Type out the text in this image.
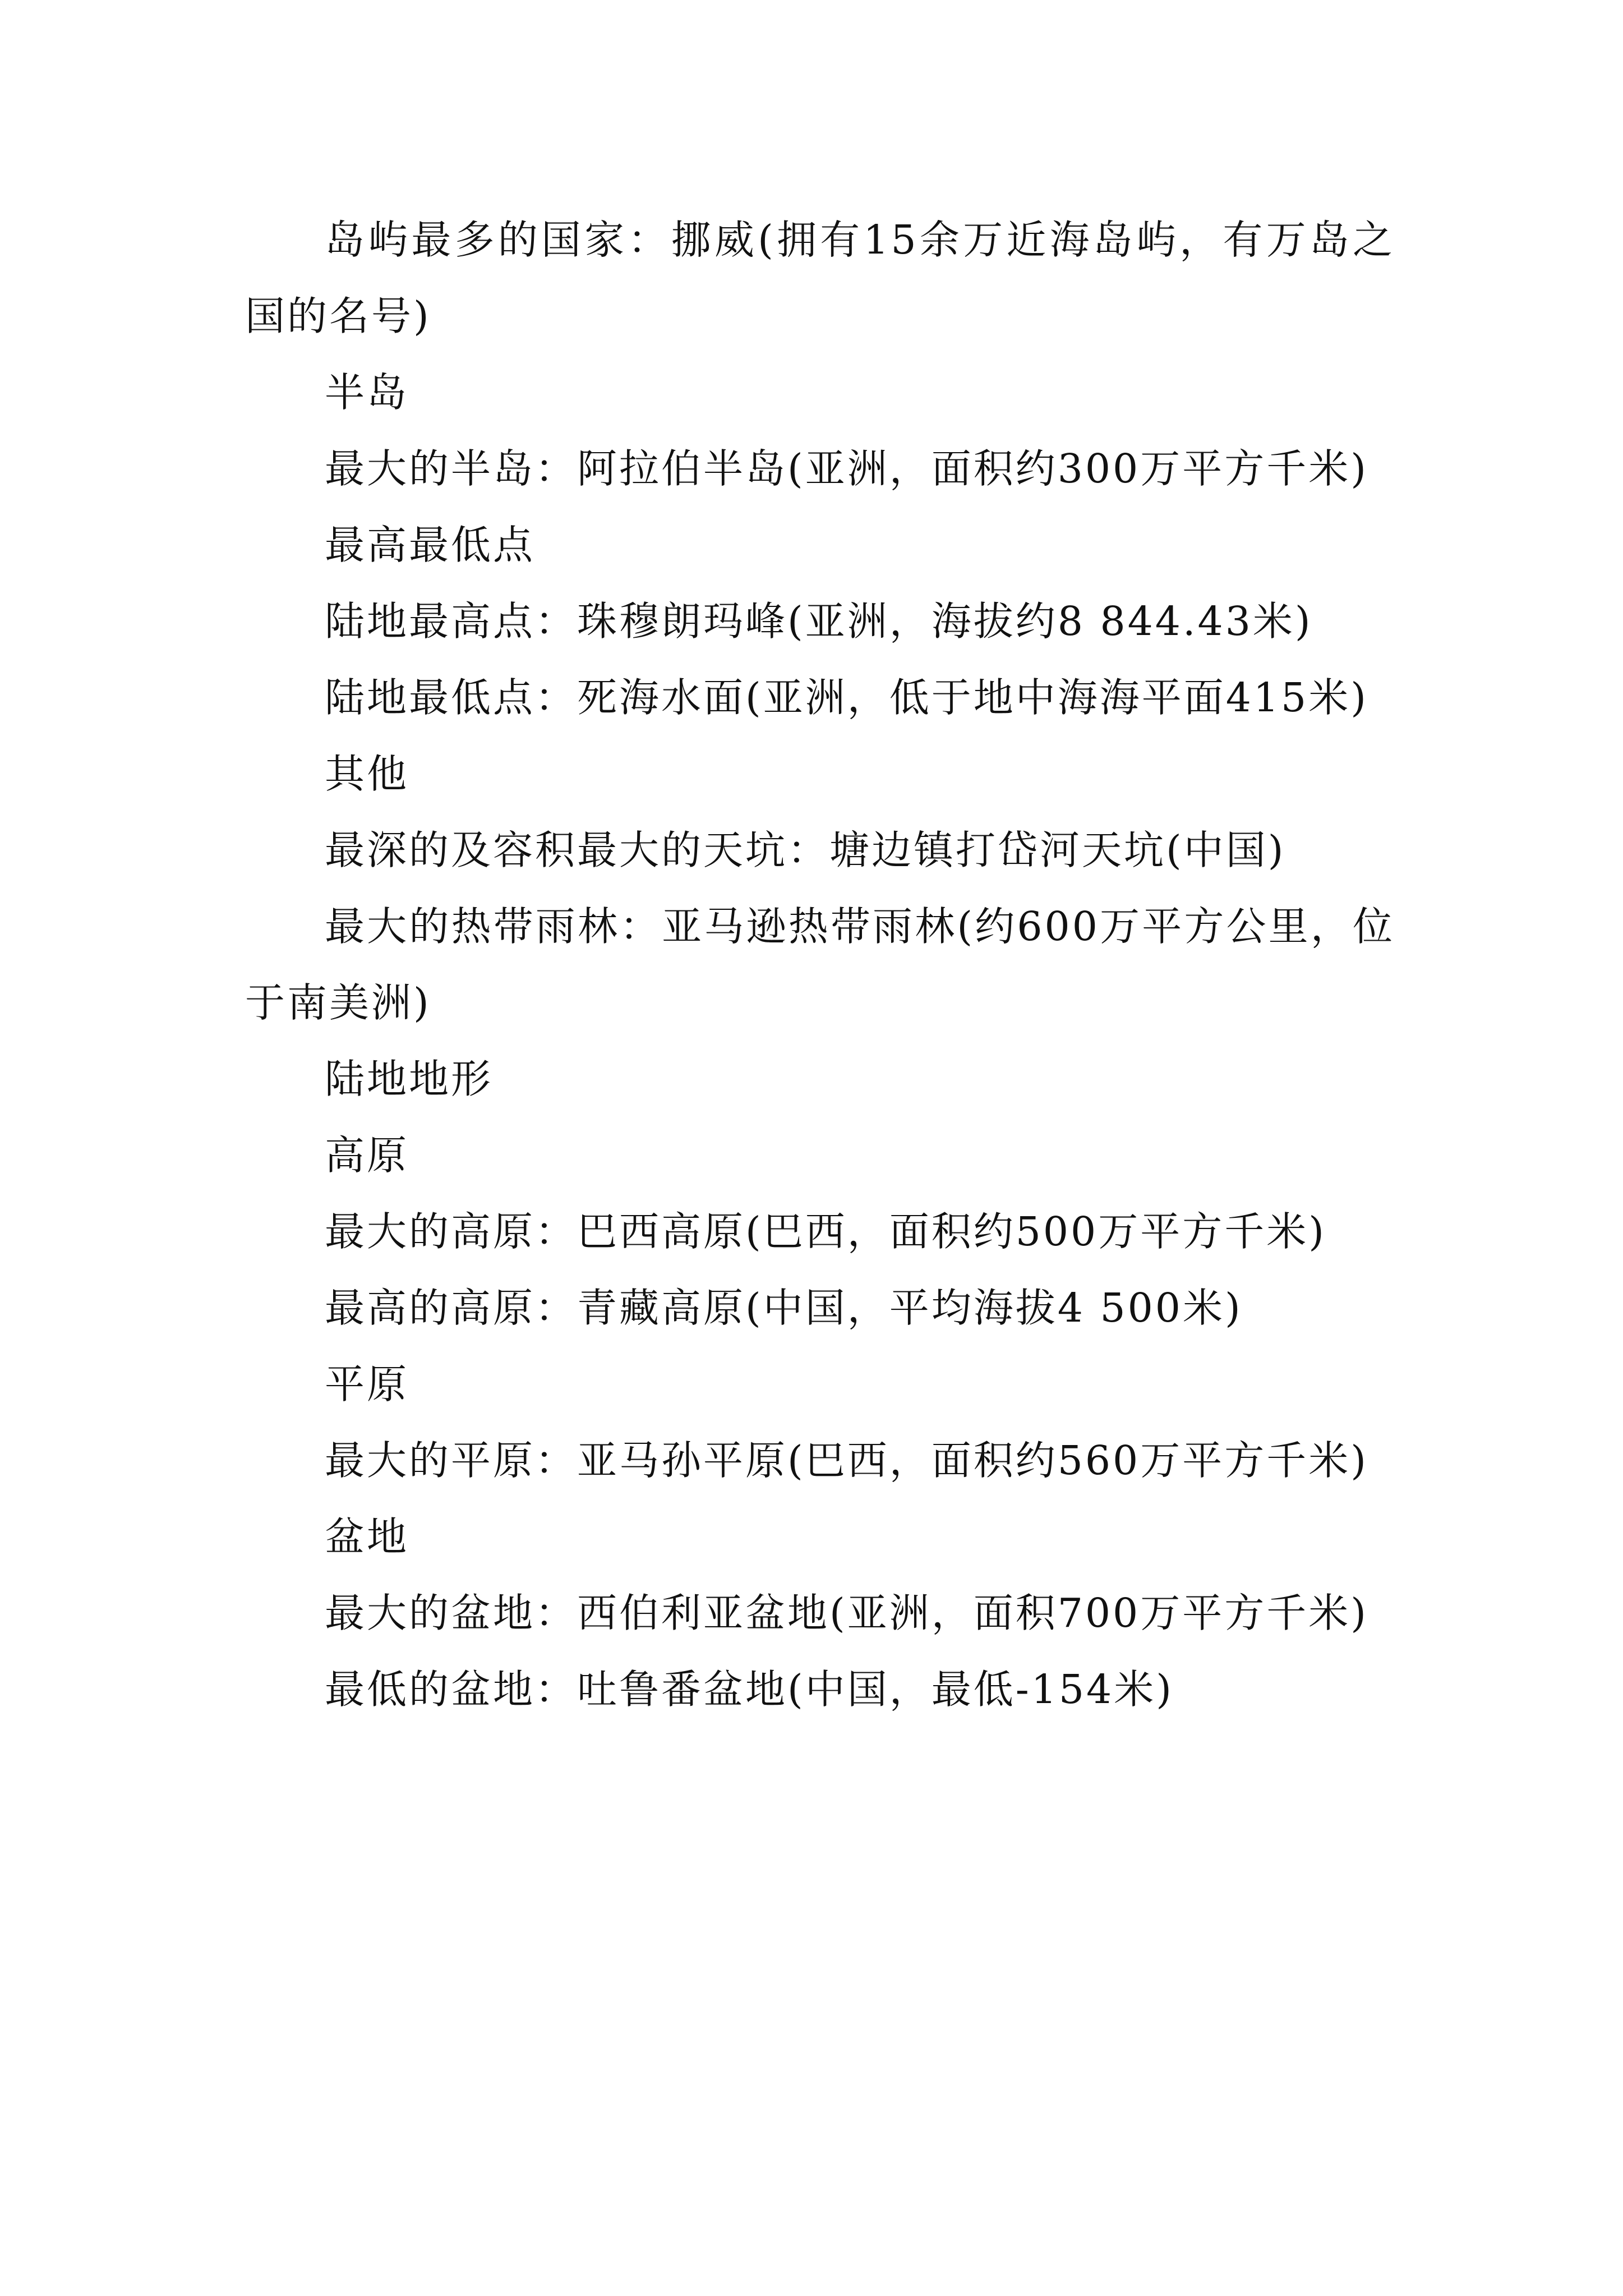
岛屿最多的国家：挪威(拥有15余万近海岛屿，有万岛之国的名号)

半岛

最大的半岛：阿拉伯半岛(亚洲，面积约300万平方千米)

最高最低点

陆地最高点：珠穆朗玛峰(亚洲，海拔约8 844.43米)

陆地最低点：死海水面(亚洲，低于地中海海平面415米)

其他

最深的及容积最大的天坑：塘边镇打岱河天坑(中国)

最大的热带雨林：亚马逊热带雨林(约600万平方公里，位于南美洲)

陆地地形

高原

最大的高原：巴西高原(巴西，面积约500万平方千米)

最高的高原：青藏高原(中国，平均海拔4 500米)

平原

最大的平原：亚马孙平原(巴西，面积约560万平方千米)

盆地

最大的盆地：西伯利亚盆地(亚洲，面积700万平方千米)

最低的盆地：吐鲁番盆地(中国，最低-154米)
